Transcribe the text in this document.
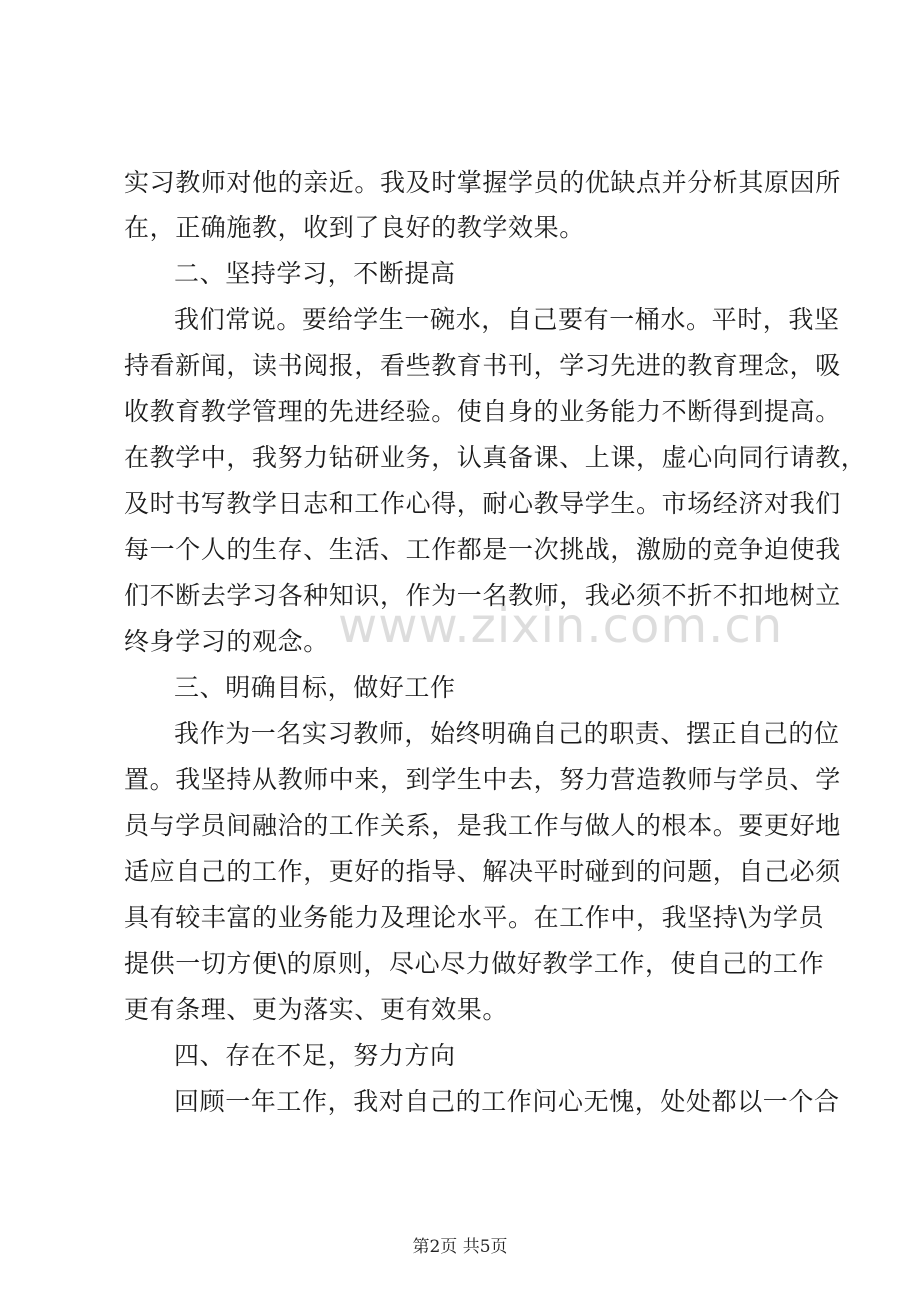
实习教师对他的亲近。我及时掌握学员的优缺点并分析其原因所
在，正确施教，收到了良好的教学效果。
二、坚持学习，不断提高
我们常说。要给学生一碗水，自己要有一桶水。平时，我坚
持看新闻，读书阅报，看些教育书刊，学习先进的教育理念，吸
收教育教学管理的先进经验。使自身的业务能力不断得到提高。
在教学中，我努力钻研业务，认真备课、上课，虚心向同行请教，
及时书写教学日志和工作心得，耐心教导学生。市场经济对我们
每一个人的生存、生活、工作都是一次挑战，激励的竞争迫使我
们不断去学习各种知识，作为一名教师，我必须不折不扣地树立
终身学习的观念。
三、明确目标，做好工作
我作为一名实习教师，始终明确自己的职责、摆正自己的位
置。我坚持从教师中来，到学生中去，努力营造教师与学员、学
员与学员间融洽的工作关系，是我工作与做人的根本。要更好地
适应自己的工作，更好的指导、解决平时碰到的问题，自己必须
具有较丰富的业务能力及理论水平。在工作中，我坚持\为学员
提供一切方便\的原则，尽心尽力做好教学工作，使自己的工作
更有条理、更为落实、更有效果。
四、存在不足，努力方向
回顾一年工作，我对自己的工作问心无愧，处处都以一个合
www.zixin.com.cn
第2页 共5页
